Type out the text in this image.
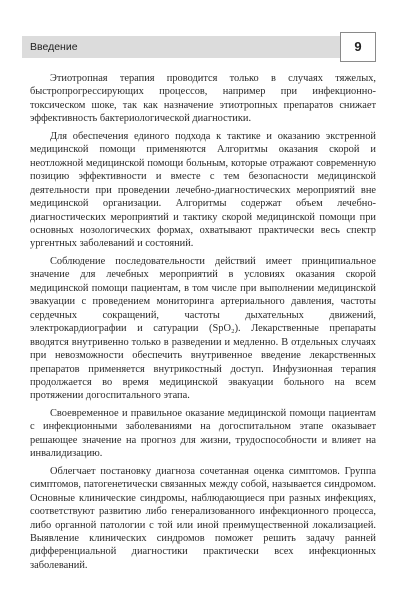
Введение	9

Этиотропная терапия проводится только в случаях тяжелых, быстропрогрессирующих процессов, например при инфекционно-токсическом шоке, так как назначение этиотропных препаратов снижает эффективность бактериологической диагностики.

Для обеспечения единого подхода к тактике и оказанию экстренной медицинской помощи применяются Алгоритмы оказания скорой и неотложной медицинской помощи больным, которые отражают современную позицию эффективности и вместе с тем безопасности медицинской деятельности при проведении лечебно-диагностических мероприятий вне медицинской организации. Алгоритмы содержат объем лечебно-диагностических мероприятий и тактику скорой медицинской помощи при основных нозологических формах, охватывают практически весь спектр ургентных заболеваний и состояний.

Соблюдение последовательности действий имеет принципиальное значение для лечебных мероприятий в условиях оказания скорой медицинской помощи пациентам, в том числе при выполнении медицинской эвакуации с проведением мониторинга артериального давления, частоты сердечных сокращений, частоты дыхательных движений, электрокардиографии и сатурации (SpO₂). Лекарственные препараты вводятся внутривенно только в разведении и медленно. В отдельных случаях при невозможности обеспечить внутривенное введение лекарственных препаратов применяется внутрикостный доступ. Инфузионная терапия продолжается во время медицинской эвакуации больного на всем протяжении догоспитального этапа.

Своевременное и правильное оказание медицинской помощи пациентам с инфекционными заболеваниями на догоспитальном этапе оказывает решающее значение на прогноз для жизни, трудоспособности и влияет на инвалидизацию.

Облегчает постановку диагноза сочетанная оценка симптомов. Группа симптомов, патогенетически связанных между собой, называется синдромом. Основные клинические синдромы, наблюдающиеся при разных инфекциях, соответствуют развитию либо генерализованного инфекционного процесса, либо органной патологии с той или иной преимущественной локализацией. Выявление клинических синдромов поможет решить задачу ранней дифференциальной диагностики практически всех инфекционных заболеваний.
